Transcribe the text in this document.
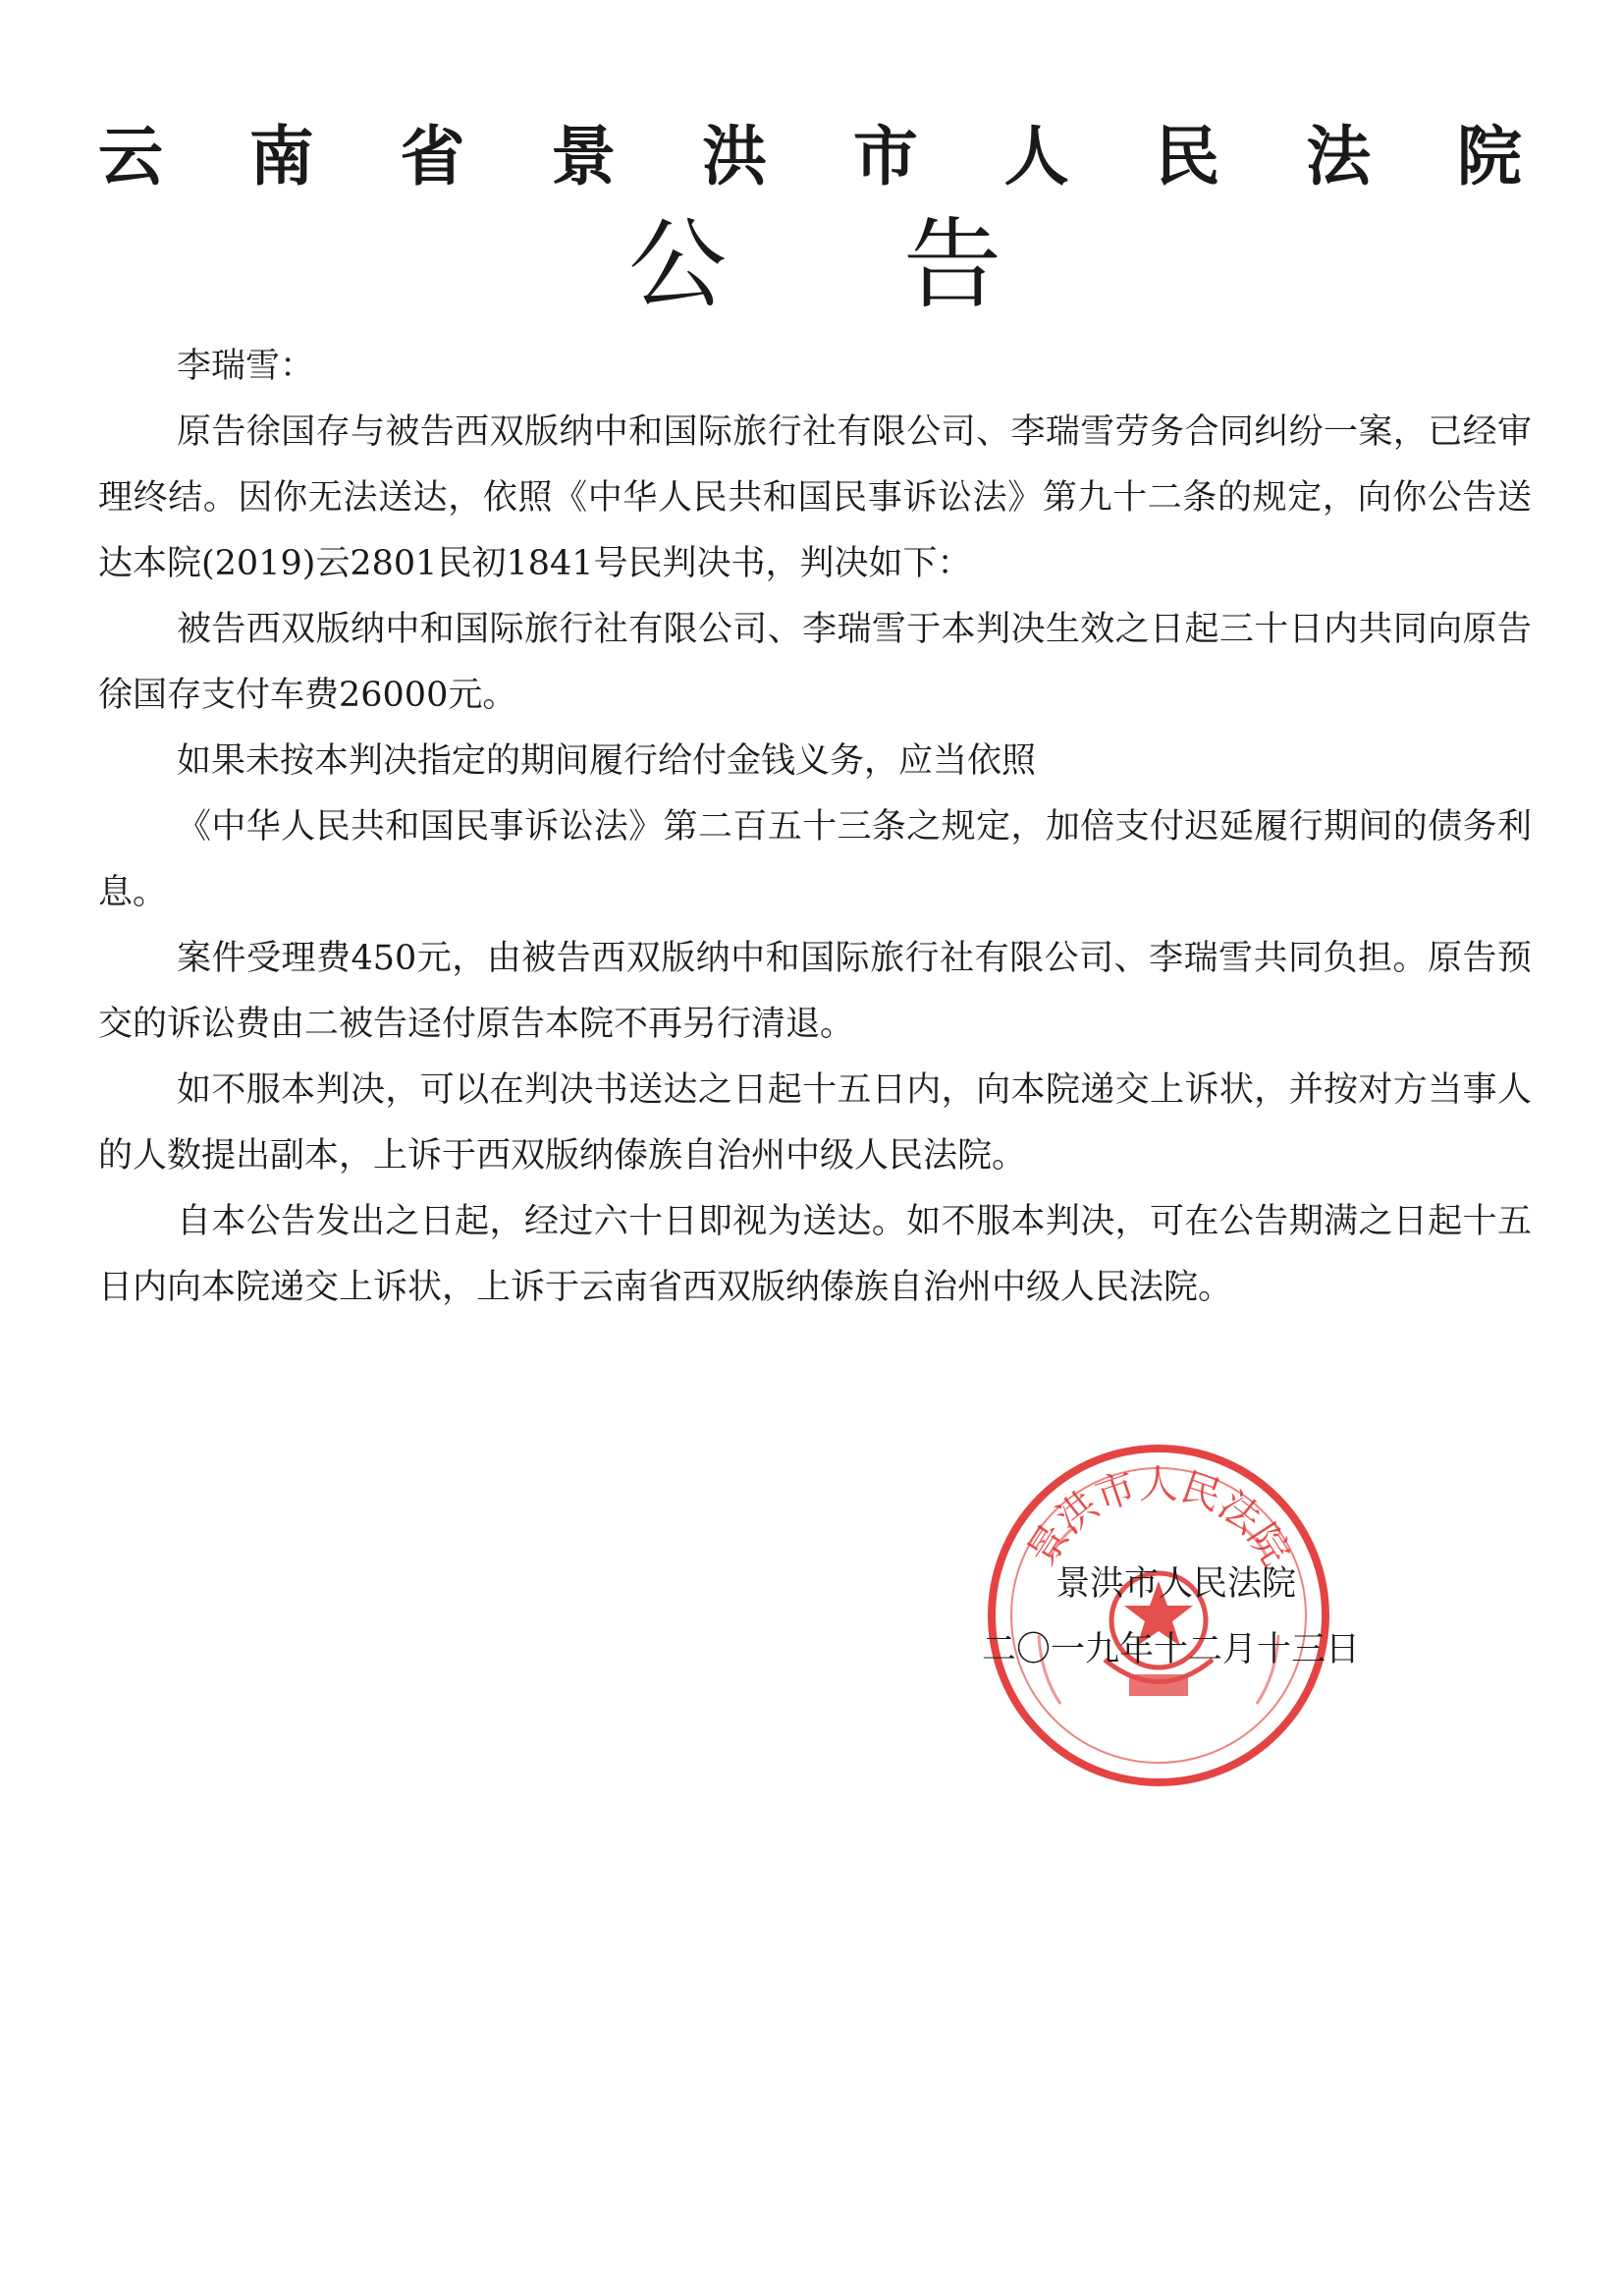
云 南 省 景 洪 市 人 民 法 院
公 告

李瑞雪：

原告徐国存与被告西双版纳中和国际旅行社有限公司、李瑞雪劳务合同纠纷一案，已经审理终结。因你无法送达，依照《中华人民共和国民事诉讼法》第九十二条的规定，向你公告送达本院(2019)云2801民初1841号民判决书，判决如下：

被告西双版纳中和国际旅行社有限公司、李瑞雪于本判决生效之日起三十日内共同向原告徐国存支付车费26000元。

如果未按本判决指定的期间履行给付金钱义务，应当依照

《中华人民共和国民事诉讼法》第二百五十三条之规定，加倍支付迟延履行期间的债务利息。

案件受理费450元，由被告西双版纳中和国际旅行社有限公司、李瑞雪共同负担。原告预交的诉讼费由二被告迳付原告本院不再另行清退。

如不服本判决，可以在判决书送达之日起十五日内，向本院递交上诉状，并按对方当事人的人数提出副本，上诉于西双版纳傣族自治州中级人民法院。

自本公告发出之日起，经过六十日即视为送达。如不服本判决，可在公告期满之日起十五日内向本院递交上诉状，上诉于云南省西双版纳傣族自治州中级人民法院。

景洪市人民法院
景洪市人民法院
二〇一九年十二月十三日
